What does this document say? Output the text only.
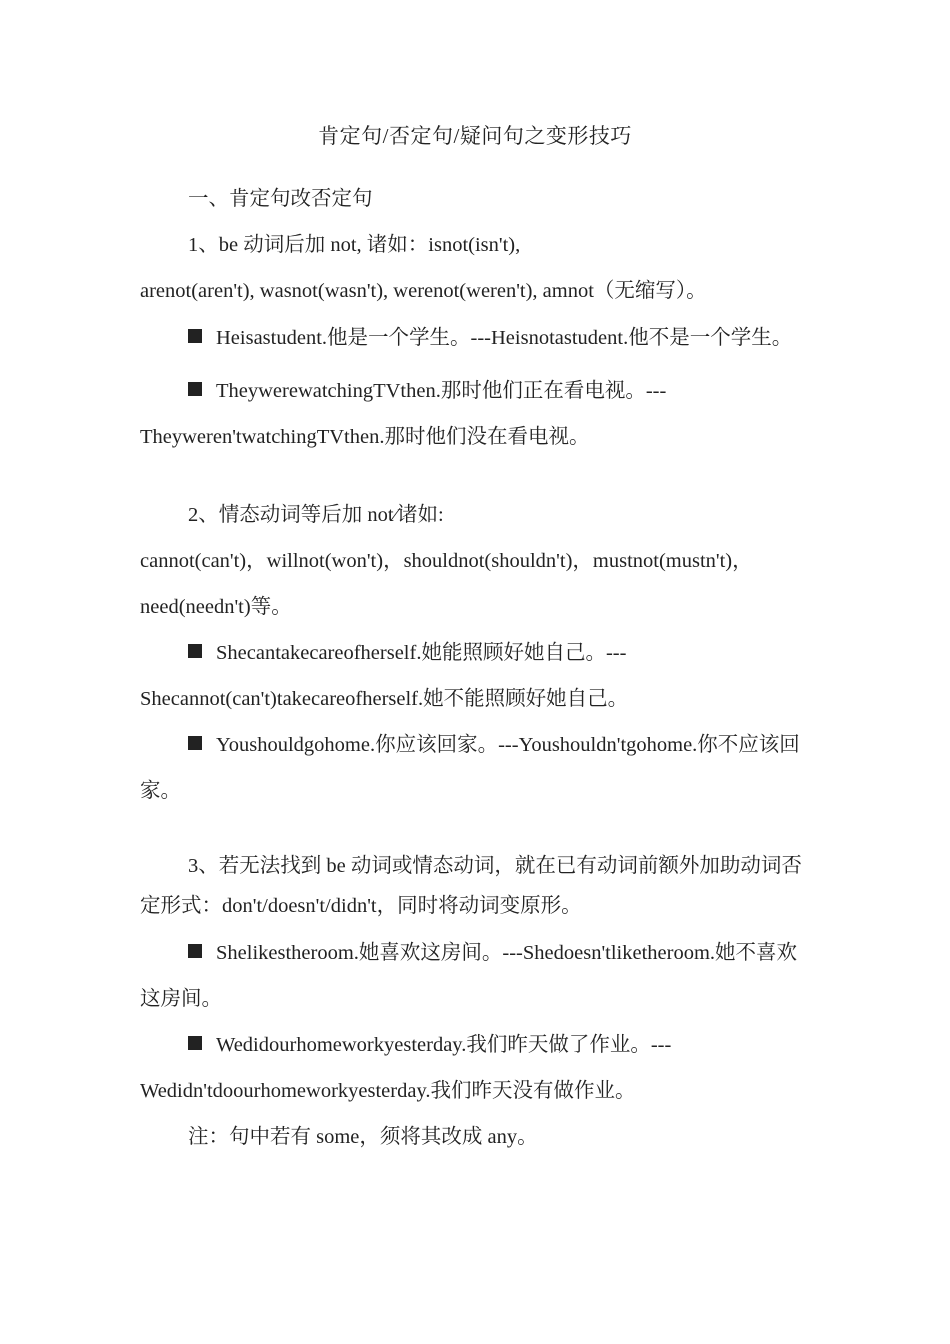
肯定句/否定句/疑问句之变形技巧

一、肯定句改否定句

1、be 动词后加 not, 诸如：isnot(isn't),

arenot(aren't), wasnot(wasn't), werenot(weren't), amnot（无缩写）。

Heisastudent.他是一个学生。---Heisnotastudent.他不是一个学生。

TheywerewatchingTVthen.那时他们正在看电视。---Theyweren'twatchingTVthen.那时他们没在看电视。

2、情态动词等后加 not⁄诸如:

cannot(can't)，willnot(won't)，shouldnot(shouldn't)，mustnot(mustn't)，

need(needn't)等。

Shecantakecareofherself.她能照顾好她自己。---Shecannot(can't)takecareofherself.她不能照顾好她自己。

Youshouldgohome.你应该回家。---Youshouldn'tgohome.你不应该回家。

3、若无法找到 be 动词或情态动词，就在已有动词前额外加助动词否定形式：don't/doesn't/didn't，同时将动词变原形。

Shelikestheroom.她喜欢这房间。---Shedoesn'tliketheroom.她不喜欢这房间。

Wedidourhomeworkyesterday.我们昨天做了作业。---Wedidn'tdoourhomeworkyesterday.我们昨天没有做作业。

注：句中若有 some，须将其改成 any。
